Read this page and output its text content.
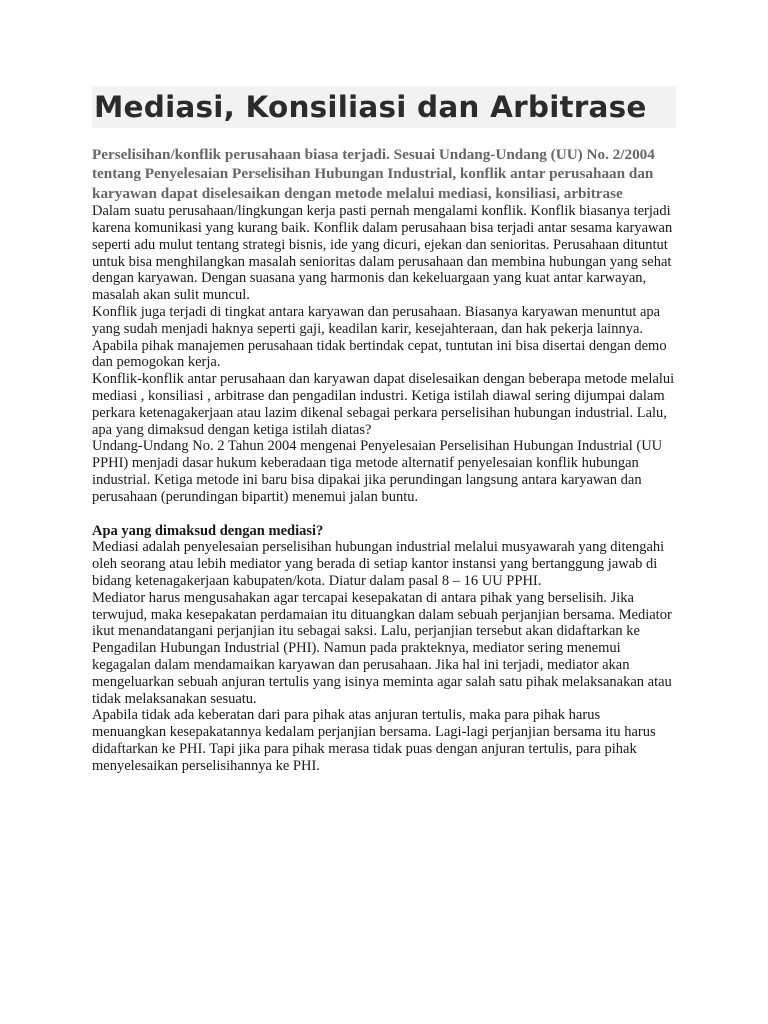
Mediasi, Konsiliasi dan Arbitrase

Perselisihan/konflik perusahaan biasa terjadi. Sesuai Undang-Undang (UU) No. 2/2004 tentang Penyelesaian Perselisihan Hubungan Industrial, konflik antar perusahaan dan karyawan dapat diselesaikan dengan metode melalui mediasi, konsiliasi, arbitrase

Dalam suatu perusahaan/lingkungan kerja pasti pernah mengalami konflik. Konflik biasanya terjadi karena komunikasi yang kurang baik. Konflik dalam perusahaan bisa terjadi antar sesama karyawan seperti adu mulut tentang strategi bisnis, ide yang dicuri, ejekan dan senioritas. Perusahaan dituntut untuk bisa menghilangkan masalah senioritas dalam perusahaan dan membina hubungan yang sehat dengan karyawan. Dengan suasana yang harmonis dan kekeluargaan yang kuat antar karwayan, masalah akan sulit muncul.

Konflik juga terjadi di tingkat antara karyawan dan perusahaan. Biasanya karyawan menuntut apa yang sudah menjadi haknya seperti gaji, keadilan karir, kesejahteraan, dan hak pekerja lainnya. Apabila pihak manajemen perusahaan tidak bertindak cepat, tuntutan ini bisa disertai dengan demo dan pemogokan kerja.

Konflik-konflik antar perusahaan dan karyawan dapat diselesaikan dengan beberapa metode melalui mediasi , konsiliasi , arbitrase dan pengadilan industri. Ketiga istilah diawal sering dijumpai dalam perkara ketenagakerjaan atau lazim dikenal sebagai perkara perselisihan hubungan industrial. Lalu, apa yang dimaksud dengan ketiga istilah diatas?

Undang-Undang No. 2 Tahun 2004 mengenai Penyelesaian Perselisihan Hubungan Industrial (UU PPHI) menjadi dasar hukum keberadaan tiga metode alternatif penyelesaian konflik hubungan industrial. Ketiga metode ini baru bisa dipakai jika perundingan langsung antara karyawan dan perusahaan (perundingan bipartit) menemui jalan buntu.

Apa yang dimaksud dengan mediasi?

Mediasi adalah penyelesaian perselisihan hubungan industrial melalui musyawarah yang ditengahi oleh seorang atau lebih mediator yang berada di setiap kantor instansi yang bertanggung jawab di bidang ketenagakerjaan kabupaten/kota. Diatur dalam pasal 8 – 16 UU PPHI.

Mediator harus mengusahakan agar tercapai kesepakatan di antara pihak yang berselisih. Jika terwujud, maka kesepakatan perdamaian itu dituangkan dalam sebuah perjanjian bersama. Mediator ikut menandatangani perjanjian itu sebagai saksi. Lalu, perjanjian tersebut akan didaftarkan ke Pengadilan Hubungan Industrial (PHI). Namun pada prakteknya, mediator sering menemui kegagalan dalam mendamaikan karyawan dan perusahaan. Jika hal ini terjadi, mediator akan mengeluarkan sebuah anjuran tertulis yang isinya meminta agar salah satu pihak melaksanakan atau tidak melaksanakan sesuatu.

Apabila tidak ada keberatan dari para pihak atas anjuran tertulis, maka para pihak harus menuangkan kesepakatannya kedalam perjanjian bersama. Lagi-lagi perjanjian bersama itu harus didaftarkan ke PHI. Tapi jika para pihak merasa tidak puas dengan anjuran tertulis, para pihak menyelesaikan perselisihannya ke PHI.
